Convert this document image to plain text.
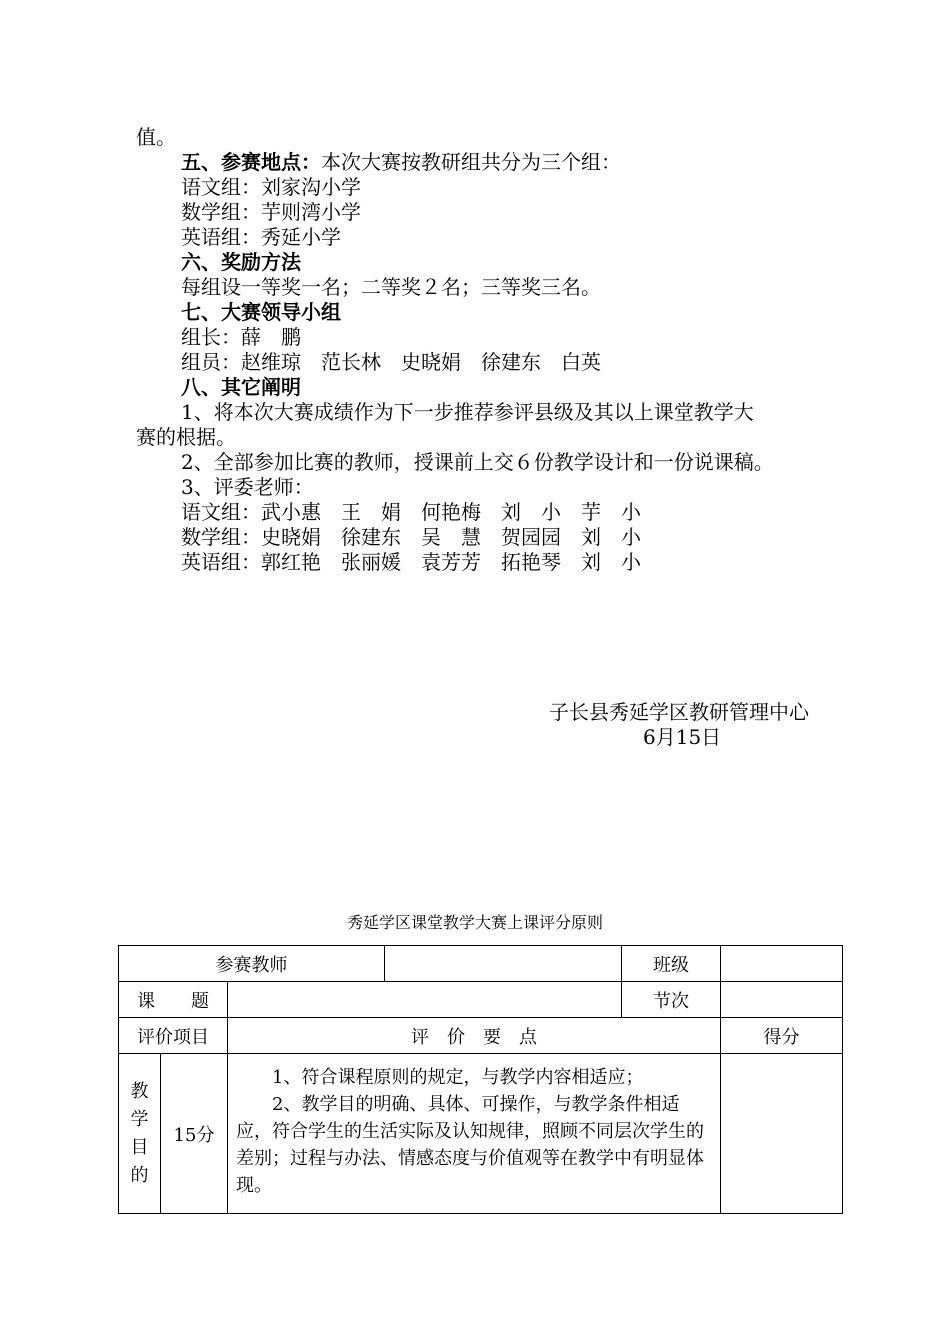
值。
五、参赛地点：本次大赛按教研组共分为三个组：
语文组：刘家沟小学
数学组：芋则湾小学
英语组：秀延小学
六、奖励方法
每组设一等奖一名；二等奖２名；三等奖三名。
七、大赛领导小组
组长：薛　鹏
组员：赵维琼　范长林　史晓娟　徐建东　白英
八、其它阐明
1、将本次大赛成绩作为下一步推荐参评县级及其以上课堂教学大
赛的根据。
2、全部参加比赛的教师，授课前上交６份教学设计和一份说课稿。
3、评委老师：
语文组：武小惠　王　娟　何艳梅　刘　小　芋　小
数学组：史晓娟　徐建东　吴　慧　贺园园　刘　小
英语组：郭红艳　张丽媛　袁芳芳　拓艳琴　刘　小
子长县秀延学区教研管理中心
6月15日
秀延学区课堂教学大赛上课评分原则
参赛教师				班级	
课　　题				节次	
评价项目		评　价　要　点			得分
教学目的	15分	1、符合课程原则的规定，与教学内容相适应；

2、教学目的明确、具体、可操作，与教学条件相适应，符合学生的生活实际及认知规律，照顾不同层次学生的差别；过程与办法、情感态度与价值观等在教学中有明显体现。			
